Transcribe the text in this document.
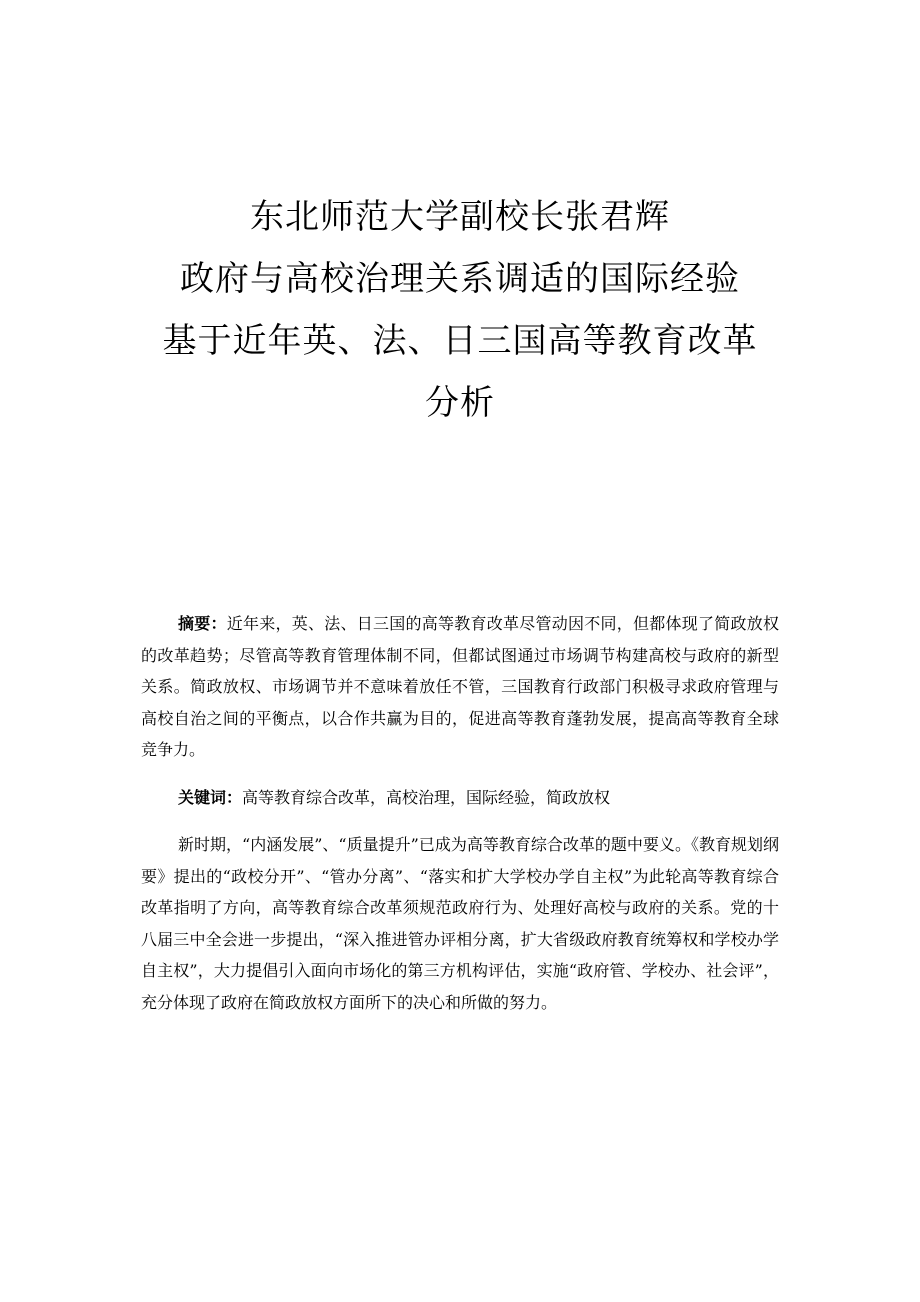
东北师范大学副校长张君辉
政府与高校治理关系调适的国际经验
基于近年英、法、日三国高等教育改革
分析

摘要：近年来，英、法、日三国的高等教育改革尽管动因不同，但都体现了简政放权的改革趋势；尽管高等教育管理体制不同，但都试图通过市场调节构建高校与政府的新型关系。简政放权、市场调节并不意味着放任不管，三国教育行政部门积极寻求政府管理与高校自治之间的平衡点，以合作共赢为目的，促进高等教育蓬勃发展，提高高等教育全球竞争力。

关键词：高等教育综合改革，高校治理，国际经验，简政放权

新时期，“内涵发展”、“质量提升”已成为高等教育综合改革的题中要义。《教育规划纲要》提出的“政校分开”、“管办分离”、“落实和扩大学校办学自主权”为此轮高等教育综合改革指明了方向，高等教育综合改革须规范政府行为、处理好高校与政府的关系。党的十八届三中全会进一步提出，“深入推进管办评相分离，扩大省级政府教育统筹权和学校办学自主权”，大力提倡引入面向市场化的第三方机构评估，实施“政府管、学校办、社会评”，充分体现了政府在简政放权方面所下的决心和所做的努力。
